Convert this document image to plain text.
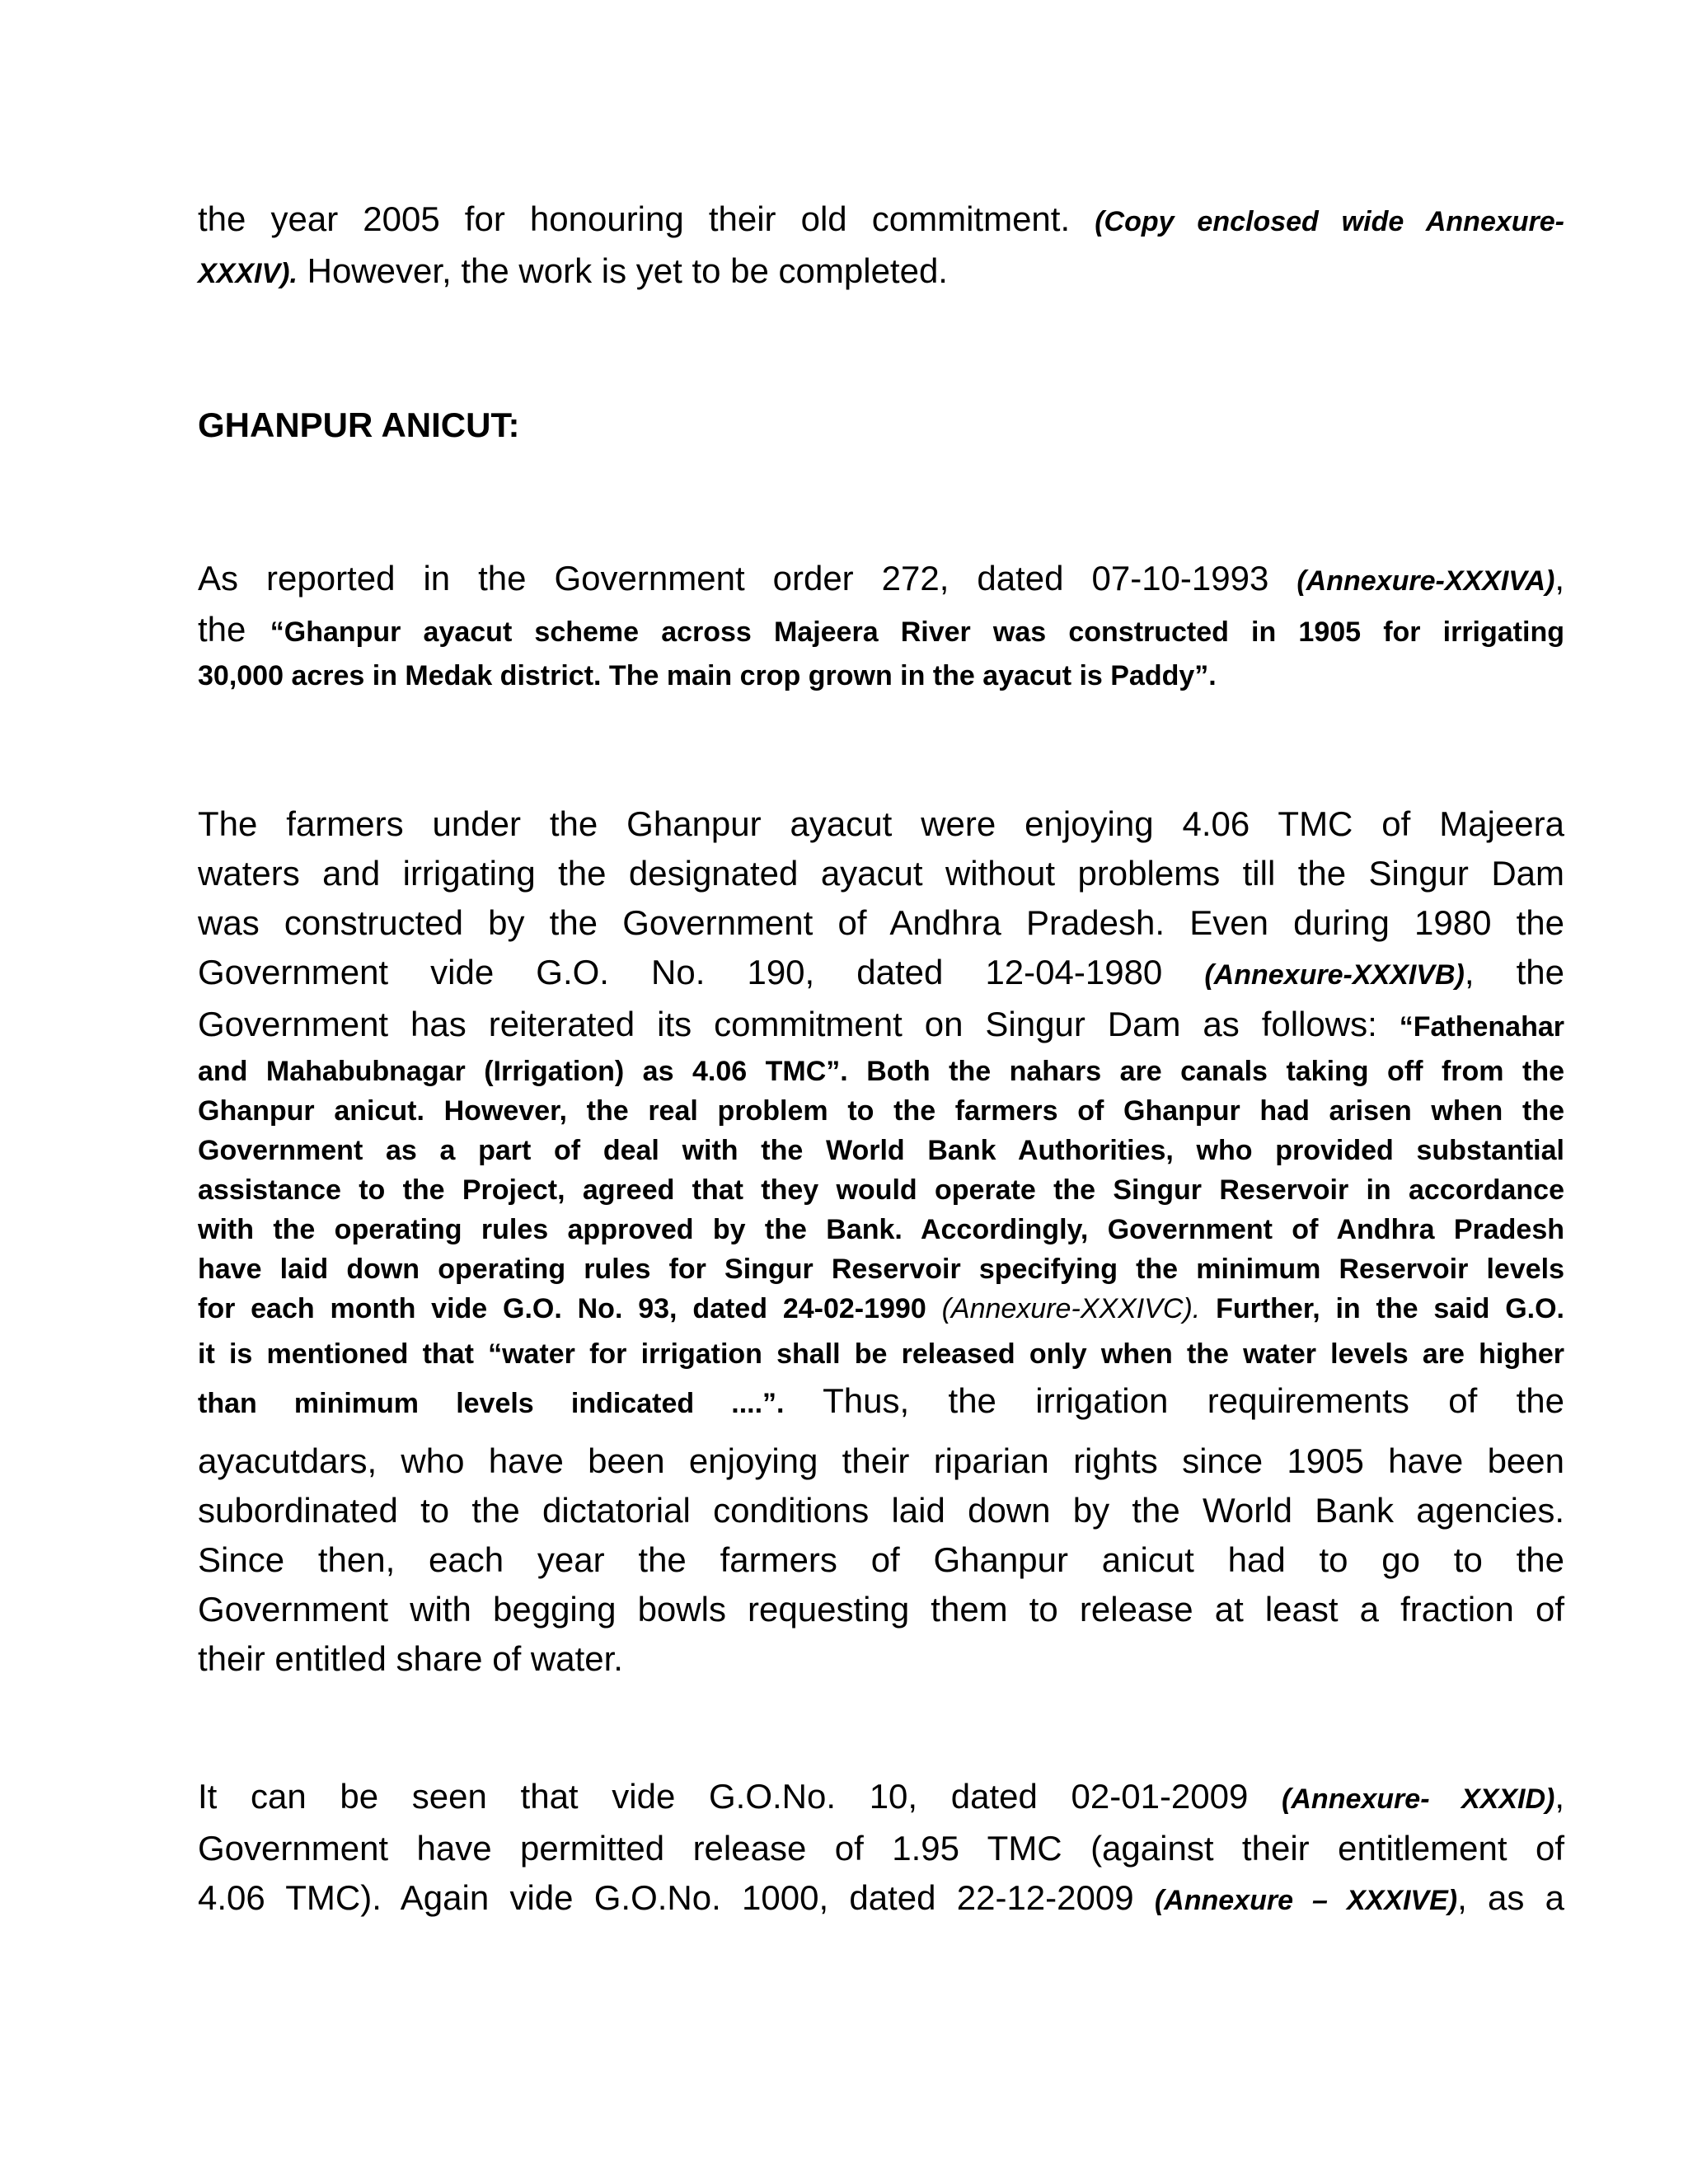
the year 2005 for honouring their old commitment. (Copy enclosed wide Annexure-
XXXIV). However, the work is yet to be completed.
GHANPUR ANICUT:
As reported in the Government order 272, dated 07-10-1993 (Annexure-XXXIVA),
the “Ghanpur ayacut scheme across Majeera River was constructed in 1905 for irrigating
30,000 acres in Medak district. The main crop grown in the ayacut is Paddy”.
The farmers under the Ghanpur ayacut were enjoying 4.06 TMC of Majeera
waters and irrigating the designated ayacut without problems till the Singur Dam
was constructed by the Government of Andhra Pradesh. Even during 1980 the
Government vide G.O. No. 190, dated 12-04-1980 (Annexure-XXXIVB), the
Government has reiterated its commitment on Singur Dam as follows: “Fathenahar
and Mahabubnagar (Irrigation) as 4.06 TMC”. Both the nahars are canals taking off from the
Ghanpur anicut. However, the real problem to the farmers of Ghanpur had arisen when the
Government as a part of deal with the World Bank Authorities, who provided substantial
assistance to the Project, agreed that they would operate the Singur Reservoir in accordance
with the operating rules approved by the Bank. Accordingly, Government of Andhra Pradesh
have laid down operating rules for Singur Reservoir specifying the minimum Reservoir levels
for each month vide G.O. No. 93, dated 24-02-1990 (Annexure-XXXIVC). Further, in the said G.O.
it is mentioned that “water for irrigation shall be released only when the water levels are higher
than minimum levels indicated ....”. Thus, the irrigation requirements of the
ayacutdars, who have been enjoying their riparian rights since 1905 have been
subordinated to the dictatorial conditions laid down by the World Bank agencies.
Since then, each year the farmers of Ghanpur anicut had to go to the
Government with begging bowls requesting them to release at least a fraction of
their entitled share of water.
It can be seen that vide G.O.No. 10, dated 02-01-2009 (Annexure- XXXID),
Government have permitted release of 1.95 TMC (against their entitlement of
4.06 TMC). Again vide G.O.No. 1000, dated 22-12-2009 (Annexure – XXXIVE), as a
